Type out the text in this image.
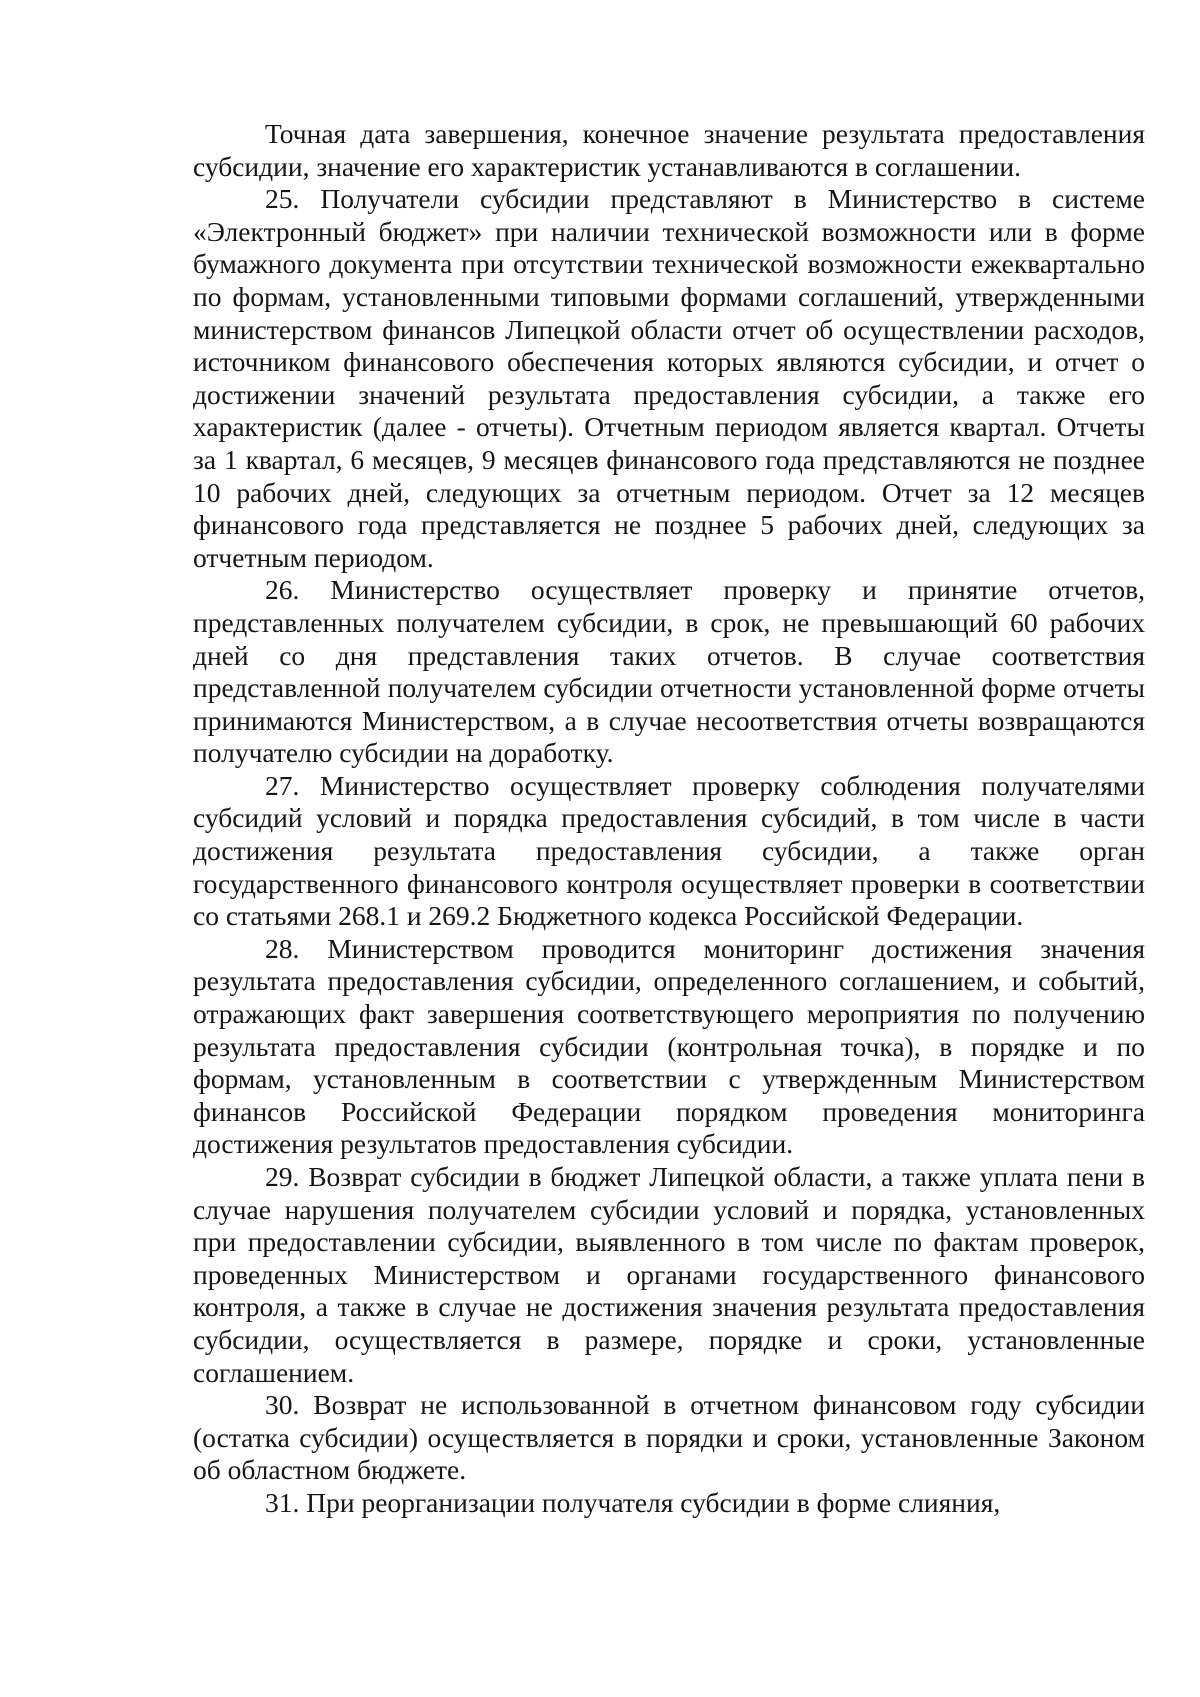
Точная дата завершения, конечное значение результата предоставления субсидии, значение его характеристик устанавливаются в соглашении.

25. Получатели субсидии представляют в Министерство в системе «Электронный бюджет» при наличии технической возможности или в форме бумажного документа при отсутствии технической возможности ежеквартально по формам, установленными типовыми формами соглашений, утвержденными министерством финансов Липецкой области отчет об осуществлении расходов, источником финансового обеспечения которых являются субсидии, и отчет о достижении значений результата предоставления субсидии, а также его характеристик (далее - отчеты). Отчетным периодом является квартал. Отчеты за 1 квартал, 6 месяцев, 9 месяцев финансового года представляются не позднее 10 рабочих дней, следующих за отчетным периодом. Отчет за 12 месяцев финансового года представляется не позднее 5 рабочих дней, следующих за отчетным периодом.

26. Министерство осуществляет проверку и принятие отчетов, представленных получателем субсидии, в срок, не превышающий 60 рабочих дней со дня представления таких отчетов. В случае соответствия представленной получателем субсидии отчетности установленной форме отчеты принимаются Министерством, а в случае несоответствия отчеты возвращаются получателю субсидии на доработку.

27. Министерство осуществляет проверку соблюдения получателями субсидий условий и порядка предоставления субсидий, в том числе в части достижения результата предоставления субсидии, а также орган государственного финансового контроля осуществляет проверки в соответствии со статьями 268.1 и 269.2 Бюджетного кодекса Российской Федерации.

28. Министерством проводится мониторинг достижения значения результата предоставления субсидии, определенного соглашением, и событий, отражающих факт завершения соответствующего мероприятия по получению результата предоставления субсидии (контрольная точка), в порядке и по формам, установленным в соответствии с утвержденным Министерством финансов Российской Федерации порядком проведения мониторинга достижения результатов предоставления субсидии.

29. Возврат субсидии в бюджет Липецкой области, а также уплата пени в случае нарушения получателем субсидии условий и порядка, установленных при предоставлении субсидии, выявленного в том числе по фактам проверок, проведенных Министерством и органами государственного финансового контроля, а также в случае не достижения значения результата предоставления субсидии, осуществляется в размере, порядке и сроки, установленные соглашением.

30. Возврат не использованной в отчетном финансовом году субсидии (остатка субсидии) осуществляется в порядки и сроки, установленные Законом об областном бюджете.

31. При реорганизации получателя субсидии в форме слияния,
